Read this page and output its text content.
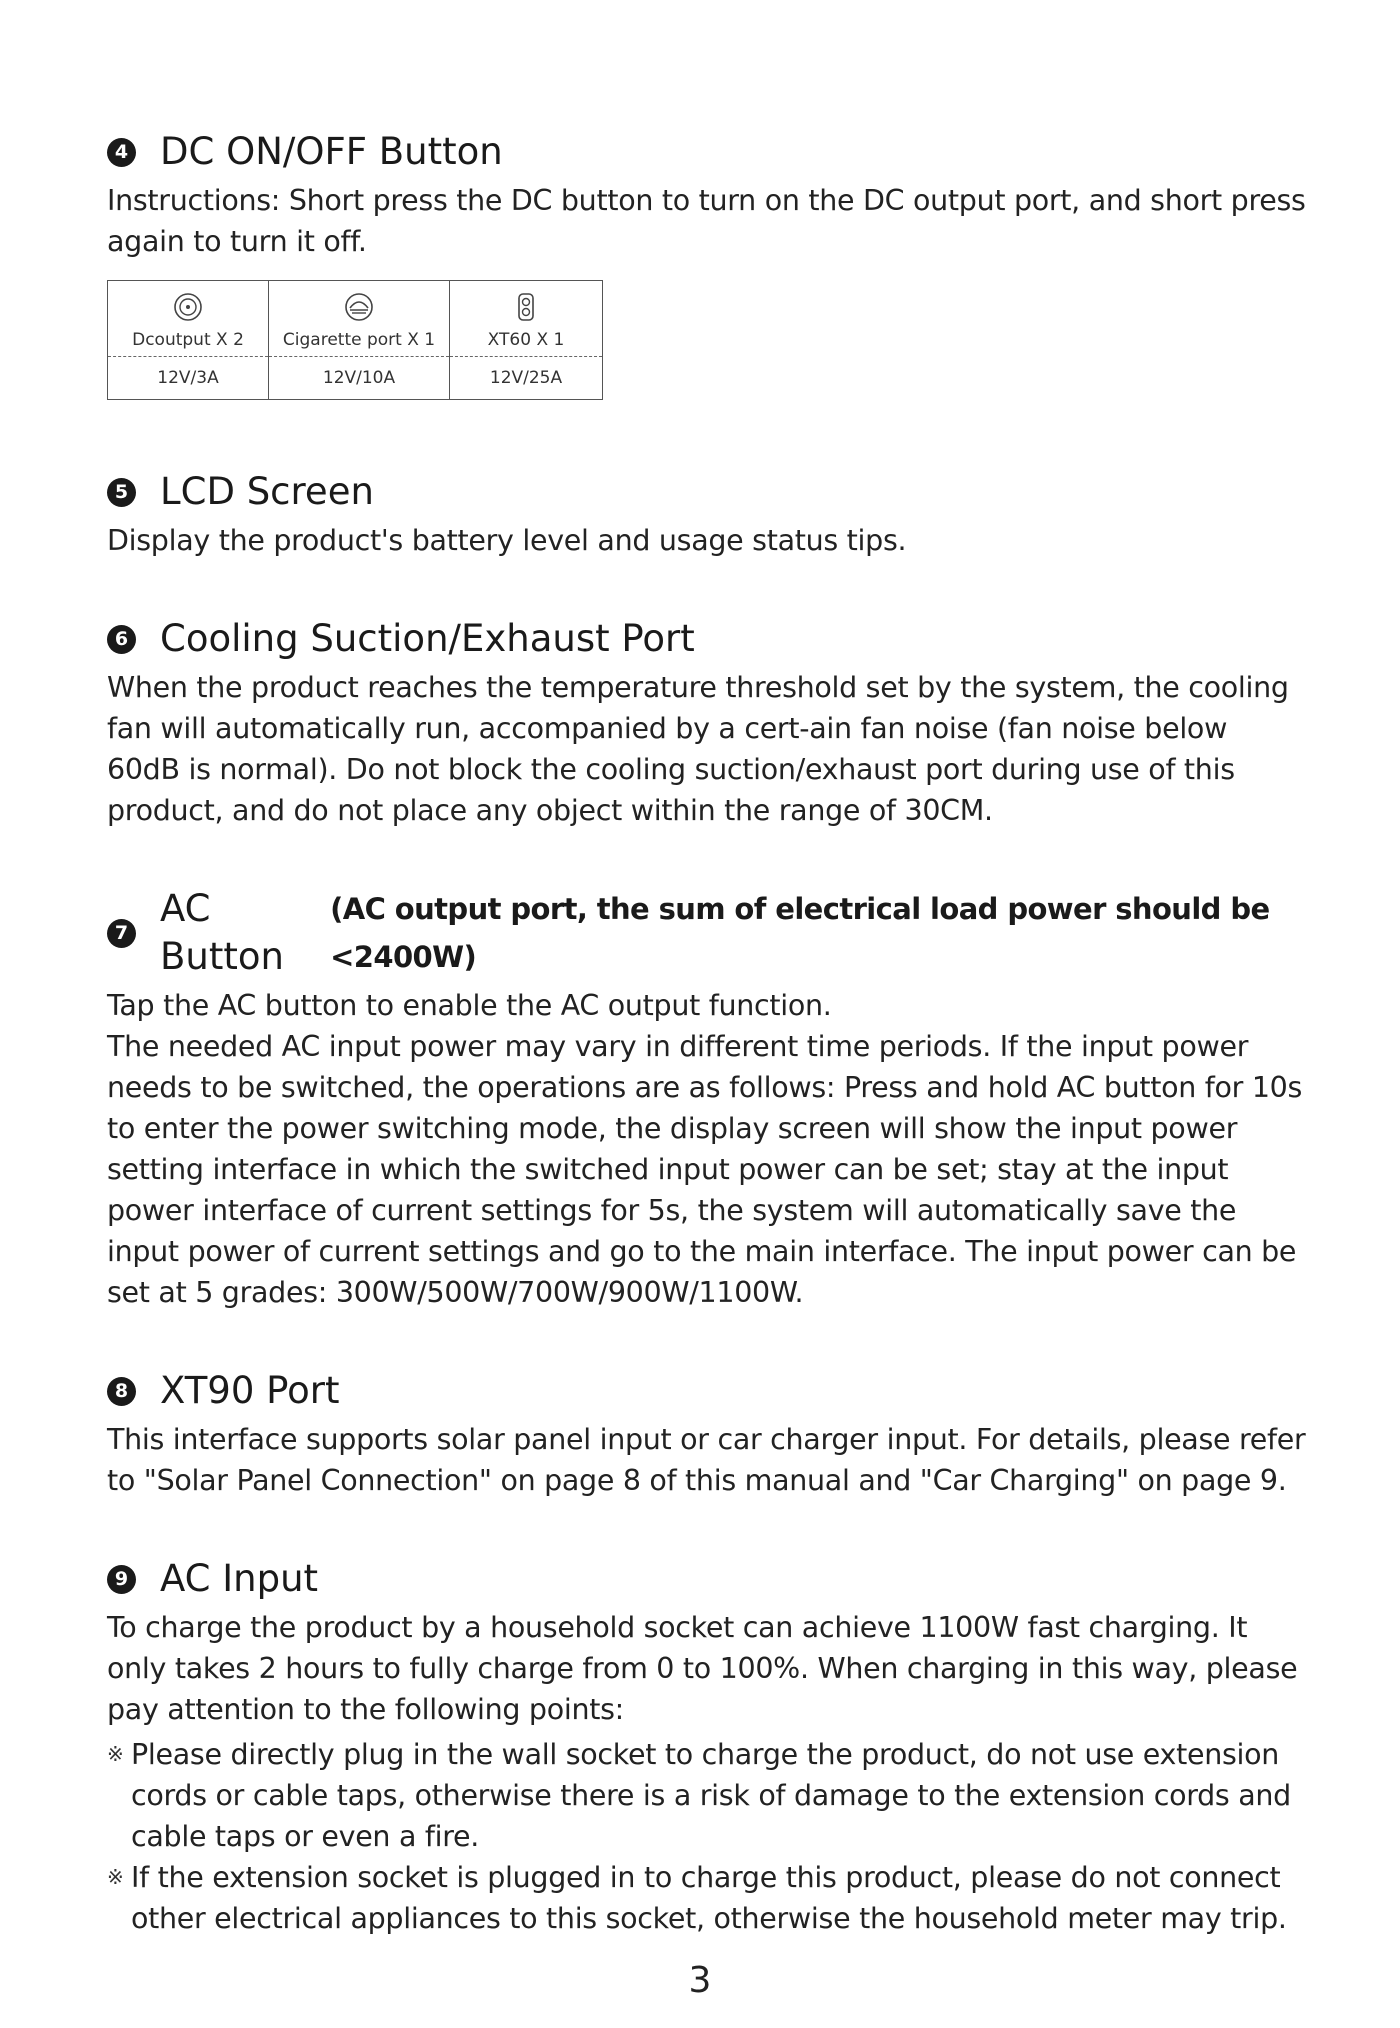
4 DC ON/OFF Button

Instructions: Short press the DC button to turn on the DC output port, and short press again to turn it off.

Dcoutput X 2
12V/3A
Cigarette port X 1
12V/10A
XT60 X 1
12V/25A
5 LCD Screen

Display the product's battery level and usage status tips.

6 Cooling Suction/Exhaust Port

When the product reaches the temperature threshold set by the system, the cooling fan will automatically run, accompanied by a cert-ain fan noise (fan noise below 60dB is normal). Do not block the cooling suction/exhaust port during use of this product, and do not place any object within the range of 30CM.

7
AC Button
(AC output port, the sum of electrical load power should be <2400W)

Tap the AC button to enable the AC output function.

The needed AC input power may vary in different time periods. If the input power needs to be switched, the operations are as follows: Press and hold AC button for 10s to enter the power switching mode, the display screen will show the input power setting interface in which the switched input power can be set; stay at the input power interface of current settings for 5s, the system will automatically save the input power of current settings and go to the main interface. The input power can be set at 5 grades: 300W/500W/700W/900W/1100W.

8 XT90 Port

This interface supports solar panel input or car charger input. For details, please refer to "Solar Panel Connection" on page 8 of this manual and "Car Charging" on page 9.

9 AC Input

To charge the product by a household socket can achieve 1100W fast charging. It only takes 2 hours to fully charge from 0 to 100%. When charging in this way, please pay attention to the following points:

※ Please directly plug in the wall socket to charge the product, do not use extension cords or cable taps, otherwise there is a risk of damage to the extension cords and cable taps or even a fire.
※ If the extension socket is plugged in to charge this product, please do not connect other electrical appliances to this socket, otherwise the household meter may trip.
3
